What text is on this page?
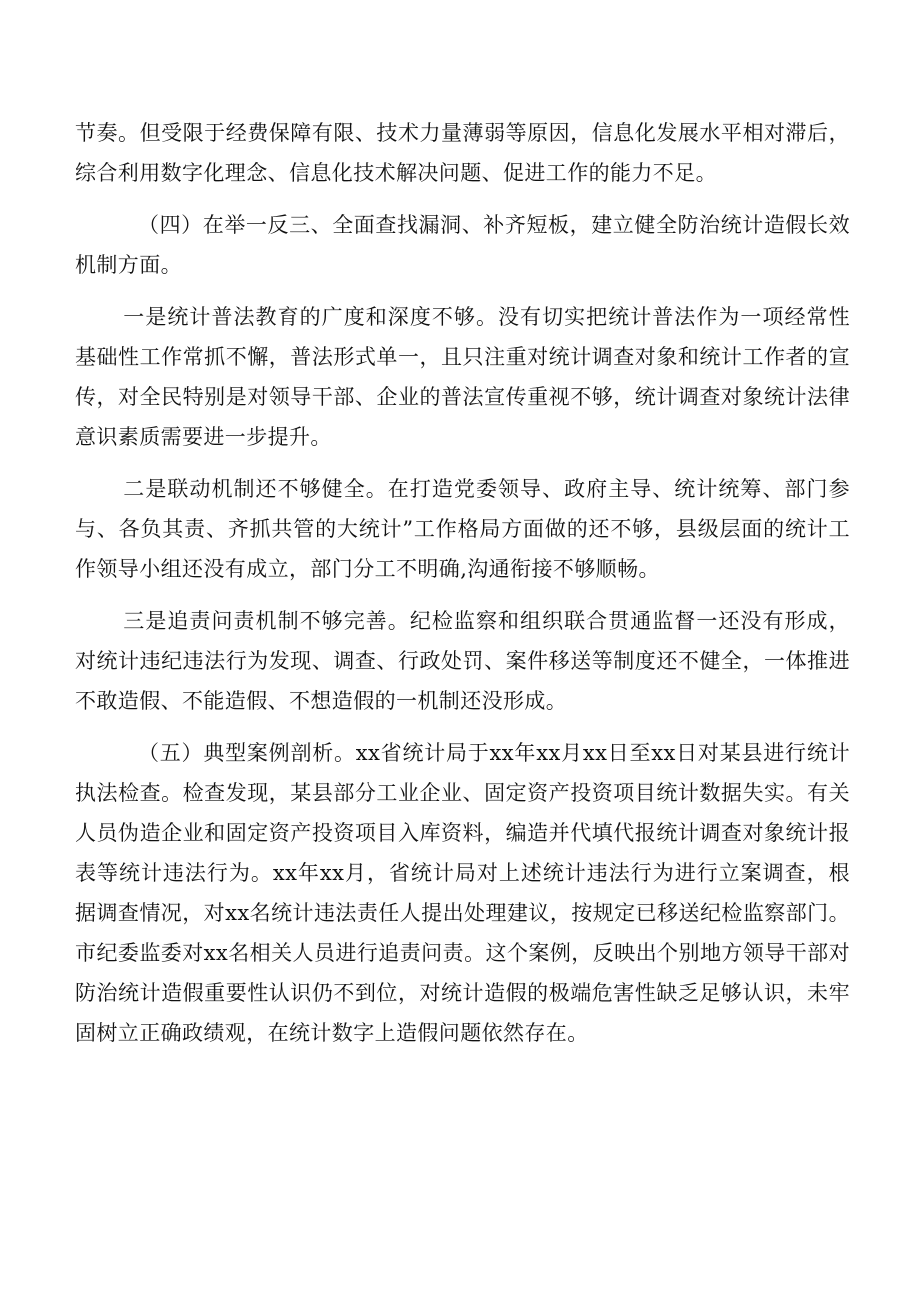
节奏。但受限于经费保障有限、技术力量薄弱等原因，信息化发展水平相对滞后，综合利用数字化理念、信息化技术解决问题、促进工作的能力不足。

（四）在举一反三、全面查找漏洞、补齐短板，建立健全防治统计造假长效机制方面。

一是统计普法教育的广度和深度不够。没有切实把统计普法作为一项经常性基础性工作常抓不懈，普法形式单一，且只注重对统计调查对象和统计工作者的宣传，对全民特别是对领导干部、企业的普法宣传重视不够，统计调查对象统计法律意识素质需要进一步提升。

二是联动机制还不够健全。在打造党委领导、政府主导、统计统筹、部门参与、各负其责、齐抓共管的大统计”工作格局方面做的还不够，县级层面的统计工作领导小组还没有成立，部门分工不明确,沟通衔接不够顺畅。

三是追责问责机制不够完善。纪检监察和组织联合贯通监督一还没有形成，对统计违纪违法行为发现、调查、行政处罚、案件移送等制度还不健全，一体推进不敢造假、不能造假、不想造假的一机制还没形成。

（五）典型案例剖析。xx省统计局于xx年xx月xx日至xx日对某县进行统计执法检查。检查发现，某县部分工业企业、固定资产投资项目统计数据失实。有关人员伪造企业和固定资产投资项目入库资料，编造并代填代报统计调查对象统计报表等统计违法行为。xx年xx月，省统计局对上述统计违法行为进行立案调查，根据调查情况，对xx名统计违法责任人提出处理建议，按规定已移送纪检监察部门。市纪委监委对xx名相关人员进行追责问责。这个案例，反映出个别地方领导干部对防治统计造假重要性认识仍不到位，对统计造假的极端危害性缺乏足够认识，未牢固树立正确政绩观，在统计数字上造假问题依然存在。
